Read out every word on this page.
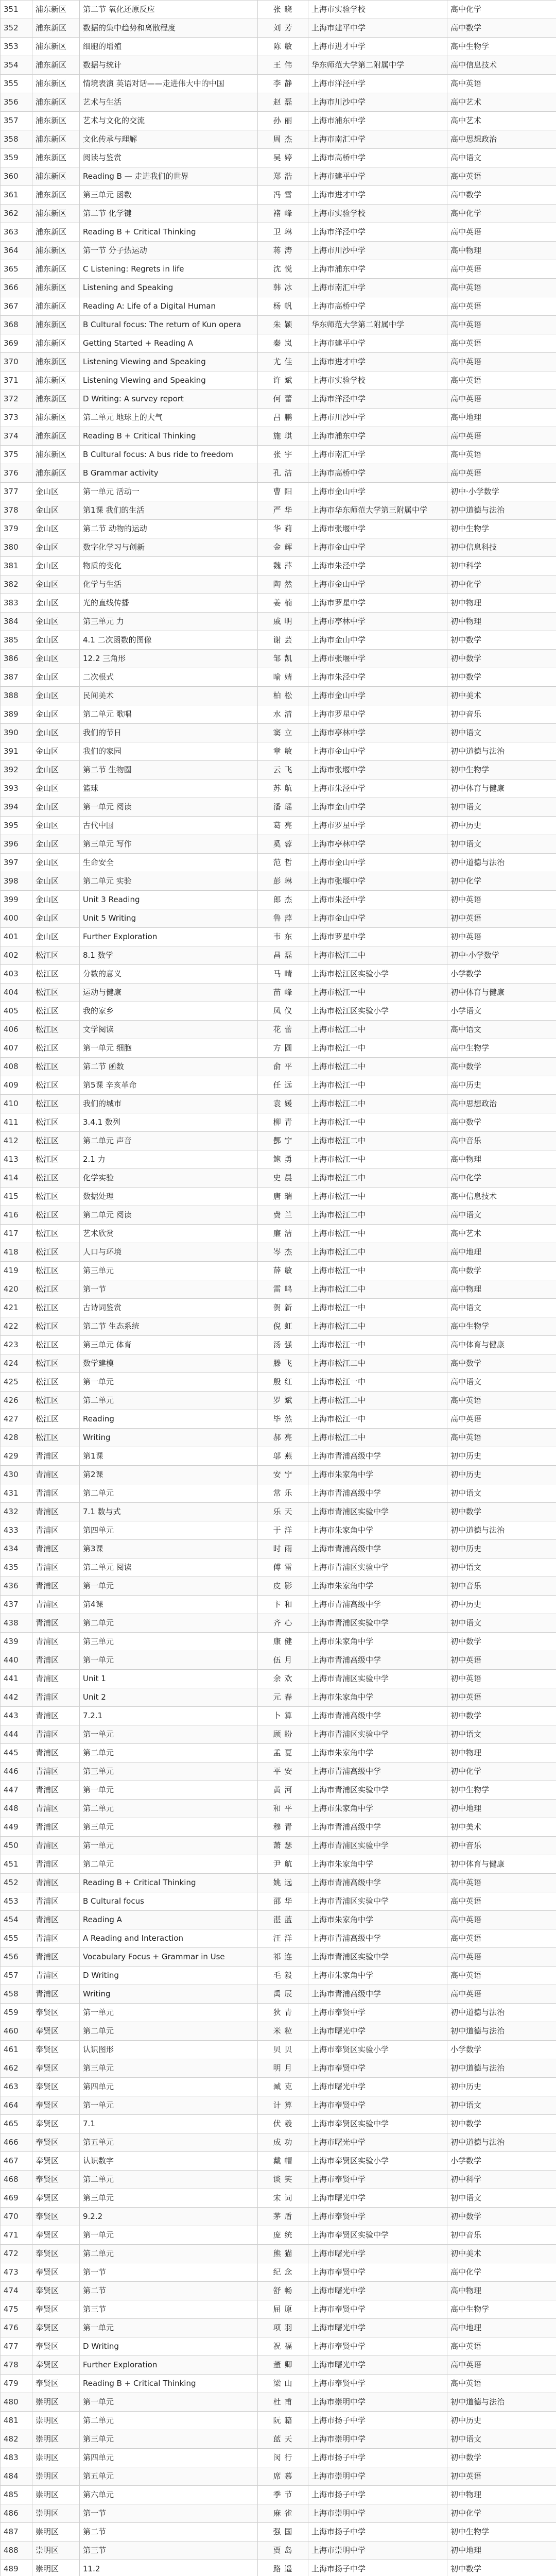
351	浦东新区	第二节 氧化还原反应	张 晓	上海市实验学校	高中化学
352	浦东新区	数据的集中趋势和离散程度	刘 芳	上海市建平中学	高中数学
353	浦东新区	细胞的增殖	陈 敏	上海市进才中学	高中生物学
354	浦东新区	数据与统计	王 伟	华东师范大学第二附属中学	高中信息技术
355	浦东新区	情境表演 英语对话——走进伟大中的中国	李 静	上海市洋泾中学	高中英语
356	浦东新区	艺术与生活	赵 磊	上海市川沙中学	高中艺术
357	浦东新区	艺术与文化的交流	孙 丽	上海市浦东中学	高中艺术
358	浦东新区	文化传承与理解	周 杰	上海市南汇中学	高中思想政治
359	浦东新区	阅读与鉴赏	吴 婷	上海市高桥中学	高中语文
360	浦东新区	Reading B — 走进我们的世界	郑 浩	上海市建平中学	高中英语
361	浦东新区	第三单元 函数	冯 雪	上海市进才中学	高中数学
362	浦东新区	第二节 化学键	褚 峰	上海市实验学校	高中化学
363	浦东新区	Reading B + Critical Thinking	卫 琳	上海市洋泾中学	高中英语
364	浦东新区	第一节 分子热运动	蒋 涛	上海市川沙中学	高中物理
365	浦东新区	C Listening: Regrets in life	沈 悦	上海市浦东中学	高中英语
366	浦东新区	Listening and Speaking	韩 冰	上海市南汇中学	高中英语
367	浦东新区	Reading A: Life of a Digital Human	杨 帆	上海市高桥中学	高中英语
368	浦东新区	B Cultural focus: The return of Kun opera	朱 颖	华东师范大学第二附属中学	高中英语
369	浦东新区	Getting Started + Reading A	秦 岚	上海市建平中学	高中英语
370	浦东新区	Listening Viewing and Speaking	尤 佳	上海市进才中学	高中英语
371	浦东新区	Listening Viewing and Speaking	许 斌	上海市实验学校	高中英语
372	浦东新区	D Writing: A survey report	何 蕾	上海市洋泾中学	高中英语
373	浦东新区	第二单元 地球上的大气	吕 鹏	上海市川沙中学	高中地理
374	浦东新区	Reading B + Critical Thinking	施 琪	上海市浦东中学	高中英语
375	浦东新区	B Cultural focus: A bus ride to freedom	张 宇	上海市南汇中学	高中英语
376	浦东新区	B Grammar activity	孔 洁	上海市高桥中学	高中英语
377	金山区	第一单元 活动一	曹 阳	上海市金山中学	初中·小学数学
378	金山区	第1课 我们的生活	严 华	上海市华东师范大学第三附属中学	初中道德与法治
379	金山区	第二节 动物的运动	华 莉	上海市张堰中学	初中生物学
380	金山区	数字化学习与创新	金 辉	上海市金山中学	初中信息科技
381	金山区	物质的变化	魏 萍	上海市朱泾中学	初中科学
382	金山区	化学与生活	陶 然	上海市金山中学	初中化学
383	金山区	光的直线传播	姜 楠	上海市罗星中学	初中物理
384	金山区	第三单元 力	戚 明	上海市亭林中学	初中物理
385	金山区	4.1 二次函数的图像	谢 芸	上海市金山中学	初中数学
386	金山区	12.2 三角形	邹 凯	上海市张堰中学	初中数学
387	金山区	二次根式	喻 婧	上海市朱泾中学	初中数学
388	金山区	民间美术	柏 松	上海市金山中学	初中美术
389	金山区	第二单元 歌唱	水 清	上海市罗星中学	初中音乐
390	金山区	我们的节日	窦 立	上海市亭林中学	初中语文
391	金山区	我们的家园	章 敏	上海市金山中学	初中道德与法治
392	金山区	第二节 生物圈	云 飞	上海市张堰中学	初中生物学
393	金山区	篮球	苏 航	上海市朱泾中学	初中体育与健康
394	金山区	第一单元 阅读	潘 瑶	上海市金山中学	初中语文
395	金山区	古代中国	葛 亮	上海市罗星中学	初中历史
396	金山区	第三单元 写作	奚 蓉	上海市亭林中学	初中语文
397	金山区	生命安全	范 哲	上海市金山中学	初中道德与法治
398	金山区	第二单元 实验	彭 琳	上海市张堰中学	初中化学
399	金山区	Unit 3 Reading	郎 杰	上海市朱泾中学	初中英语
400	金山区	Unit 5 Writing	鲁 萍	上海市金山中学	初中英语
401	金山区	Further Exploration	韦 东	上海市罗星中学	初中英语
402	松江区	8.1 数学	昌 磊	上海市松江二中	初中·小学数学
403	松江区	分数的意义	马 晴	上海市松江区实验小学	小学数学
404	松江区	运动与健康	苗 峰	上海市松江一中	初中体育与健康
405	松江区	我的家乡	凤 仪	上海市松江区实验小学	小学语文
406	松江区	文学阅读	花 蕾	上海市松江二中	高中语文
407	松江区	第一单元 细胞	方 圆	上海市松江一中	高中生物学
408	松江区	第二节 函数	俞 平	上海市松江二中	高中数学
409	松江区	第5课 辛亥革命	任 远	上海市松江一中	高中历史
410	松江区	我们的城市	袁 媛	上海市松江二中	高中思想政治
411	松江区	3.4.1 数列	柳 青	上海市松江一中	高中数学
412	松江区	第二单元 声音	酆 宁	上海市松江二中	高中音乐
413	松江区	2.1 力	鲍 勇	上海市松江一中	高中物理
414	松江区	化学实验	史 晨	上海市松江二中	高中化学
415	松江区	数据处理	唐 瑞	上海市松江一中	高中信息技术
416	松江区	第二单元 阅读	费 兰	上海市松江二中	高中语文
417	松江区	艺术欣赏	廉 洁	上海市松江一中	高中艺术
418	松江区	人口与环境	岑 杰	上海市松江二中	高中地理
419	松江区	第三单元	薛 敏	上海市松江一中	高中数学
420	松江区	第一节	雷 鸣	上海市松江二中	高中物理
421	松江区	古诗词鉴赏	贺 新	上海市松江一中	高中语文
422	松江区	第二节 生态系统	倪 虹	上海市松江二中	高中生物学
423	松江区	第三单元 体育	汤 强	上海市松江一中	高中体育与健康
424	松江区	数学建模	滕 飞	上海市松江二中	高中数学
425	松江区	第一单元	殷 红	上海市松江一中	高中语文
426	松江区	第二单元	罗 斌	上海市松江二中	高中英语
427	松江区	Reading	毕 然	上海市松江一中	高中英语
428	松江区	Writing	郝 亮	上海市松江二中	高中英语
429	青浦区	第1课	邬 燕	上海市青浦高级中学	初中历史
430	青浦区	第2课	安 宁	上海市朱家角中学	初中历史
431	青浦区	第二单元	常 乐	上海市青浦高级中学	初中语文
432	青浦区	7.1 数与式	乐 天	上海市青浦区实验中学	初中数学
433	青浦区	第四单元	于 洋	上海市朱家角中学	初中道德与法治
434	青浦区	第3课	时 雨	上海市青浦高级中学	初中历史
435	青浦区	第二单元 阅读	傅 雷	上海市青浦区实验中学	初中语文
436	青浦区	第一单元	皮 影	上海市朱家角中学	初中音乐
437	青浦区	第4课	卞 和	上海市青浦高级中学	初中历史
438	青浦区	第二单元	齐 心	上海市青浦区实验中学	初中语文
439	青浦区	第三单元	康 健	上海市朱家角中学	初中数学
440	青浦区	第一单元	伍 月	上海市青浦高级中学	初中英语
441	青浦区	Unit 1	余 欢	上海市青浦区实验中学	初中英语
442	青浦区	Unit 2	元 春	上海市朱家角中学	初中英语
443	青浦区	7.2.1	卜 算	上海市青浦高级中学	初中数学
444	青浦区	第一单元	顾 盼	上海市青浦区实验中学	初中语文
445	青浦区	第二单元	孟 夏	上海市朱家角中学	初中物理
446	青浦区	第三单元	平 安	上海市青浦高级中学	初中化学
447	青浦区	第一单元	黄 河	上海市青浦区实验中学	初中生物学
448	青浦区	第二单元	和 平	上海市朱家角中学	初中地理
449	青浦区	第三单元	穆 青	上海市青浦高级中学	初中美术
450	青浦区	第一单元	萧 瑟	上海市青浦区实验中学	初中音乐
451	青浦区	第二单元	尹 航	上海市朱家角中学	初中体育与健康
452	青浦区	Reading B + Critical Thinking	姚 远	上海市青浦高级中学	高中英语
453	青浦区	B Cultural focus	邵 华	上海市青浦区实验中学	高中英语
454	青浦区	Reading A	湛 蓝	上海市朱家角中学	高中英语
455	青浦区	A Reading and Interaction	汪 洋	上海市青浦高级中学	高中英语
456	青浦区	Vocabulary Focus + Grammar in Use	祁 连	上海市青浦区实验中学	高中英语
457	青浦区	D Writing	毛 毅	上海市朱家角中学	高中英语
458	青浦区	Writing	禹 辰	上海市青浦高级中学	高中英语
459	奉贤区	第一单元	狄 青	上海市奉贤中学	初中道德与法治
460	奉贤区	第二单元	米 粒	上海市曙光中学	初中道德与法治
461	奉贤区	认识图形	贝 贝	上海市奉贤区实验小学	小学数学
462	奉贤区	第三单元	明 月	上海市奉贤中学	初中道德与法治
463	奉贤区	第四单元	臧 克	上海市曙光中学	初中历史
464	奉贤区	第一单元	计 算	上海市奉贤中学	初中语文
465	奉贤区	7.1	伏 羲	上海市奉贤区实验中学	初中数学
466	奉贤区	第五单元	成 功	上海市曙光中学	初中道德与法治
467	奉贤区	认识数字	戴 帽	上海市奉贤区实验小学	小学数学
468	奉贤区	第二单元	谈 笑	上海市奉贤中学	初中科学
469	奉贤区	第三单元	宋 词	上海市曙光中学	初中语文
470	奉贤区	9.2.2	茅 盾	上海市奉贤中学	初中数学
471	奉贤区	第一单元	庞 统	上海市奉贤区实验中学	初中音乐
472	奉贤区	第二单元	熊 猫	上海市曙光中学	初中美术
473	奉贤区	第一节	纪 念	上海市奉贤中学	高中化学
474	奉贤区	第二节	舒 畅	上海市曙光中学	高中物理
475	奉贤区	第三节	屈 原	上海市奉贤中学	高中生物学
476	奉贤区	第一单元	项 羽	上海市曙光中学	高中地理
477	奉贤区	D Writing	祝 福	上海市奉贤中学	高中英语
478	奉贤区	Further Exploration	董 卿	上海市曙光中学	高中英语
479	奉贤区	Reading B + Critical Thinking	梁 山	上海市奉贤中学	高中英语
480	崇明区	第一单元	杜 甫	上海市崇明中学	初中道德与法治
481	崇明区	第二单元	阮 籍	上海市扬子中学	初中历史
482	崇明区	第三单元	蓝 天	上海市崇明中学	初中语文
483	崇明区	第四单元	闵 行	上海市扬子中学	初中数学
484	崇明区	第五单元	席 慕	上海市崇明中学	初中英语
485	崇明区	第六单元	季 节	上海市扬子中学	初中物理
486	崇明区	第一节	麻 雀	上海市崇明中学	初中化学
487	崇明区	第二节	强 国	上海市扬子中学	初中生物学
488	崇明区	第三节	贾 岛	上海市崇明中学	初中地理
489	崇明区	11.2	路 遥	上海市扬子中学	初中数学
